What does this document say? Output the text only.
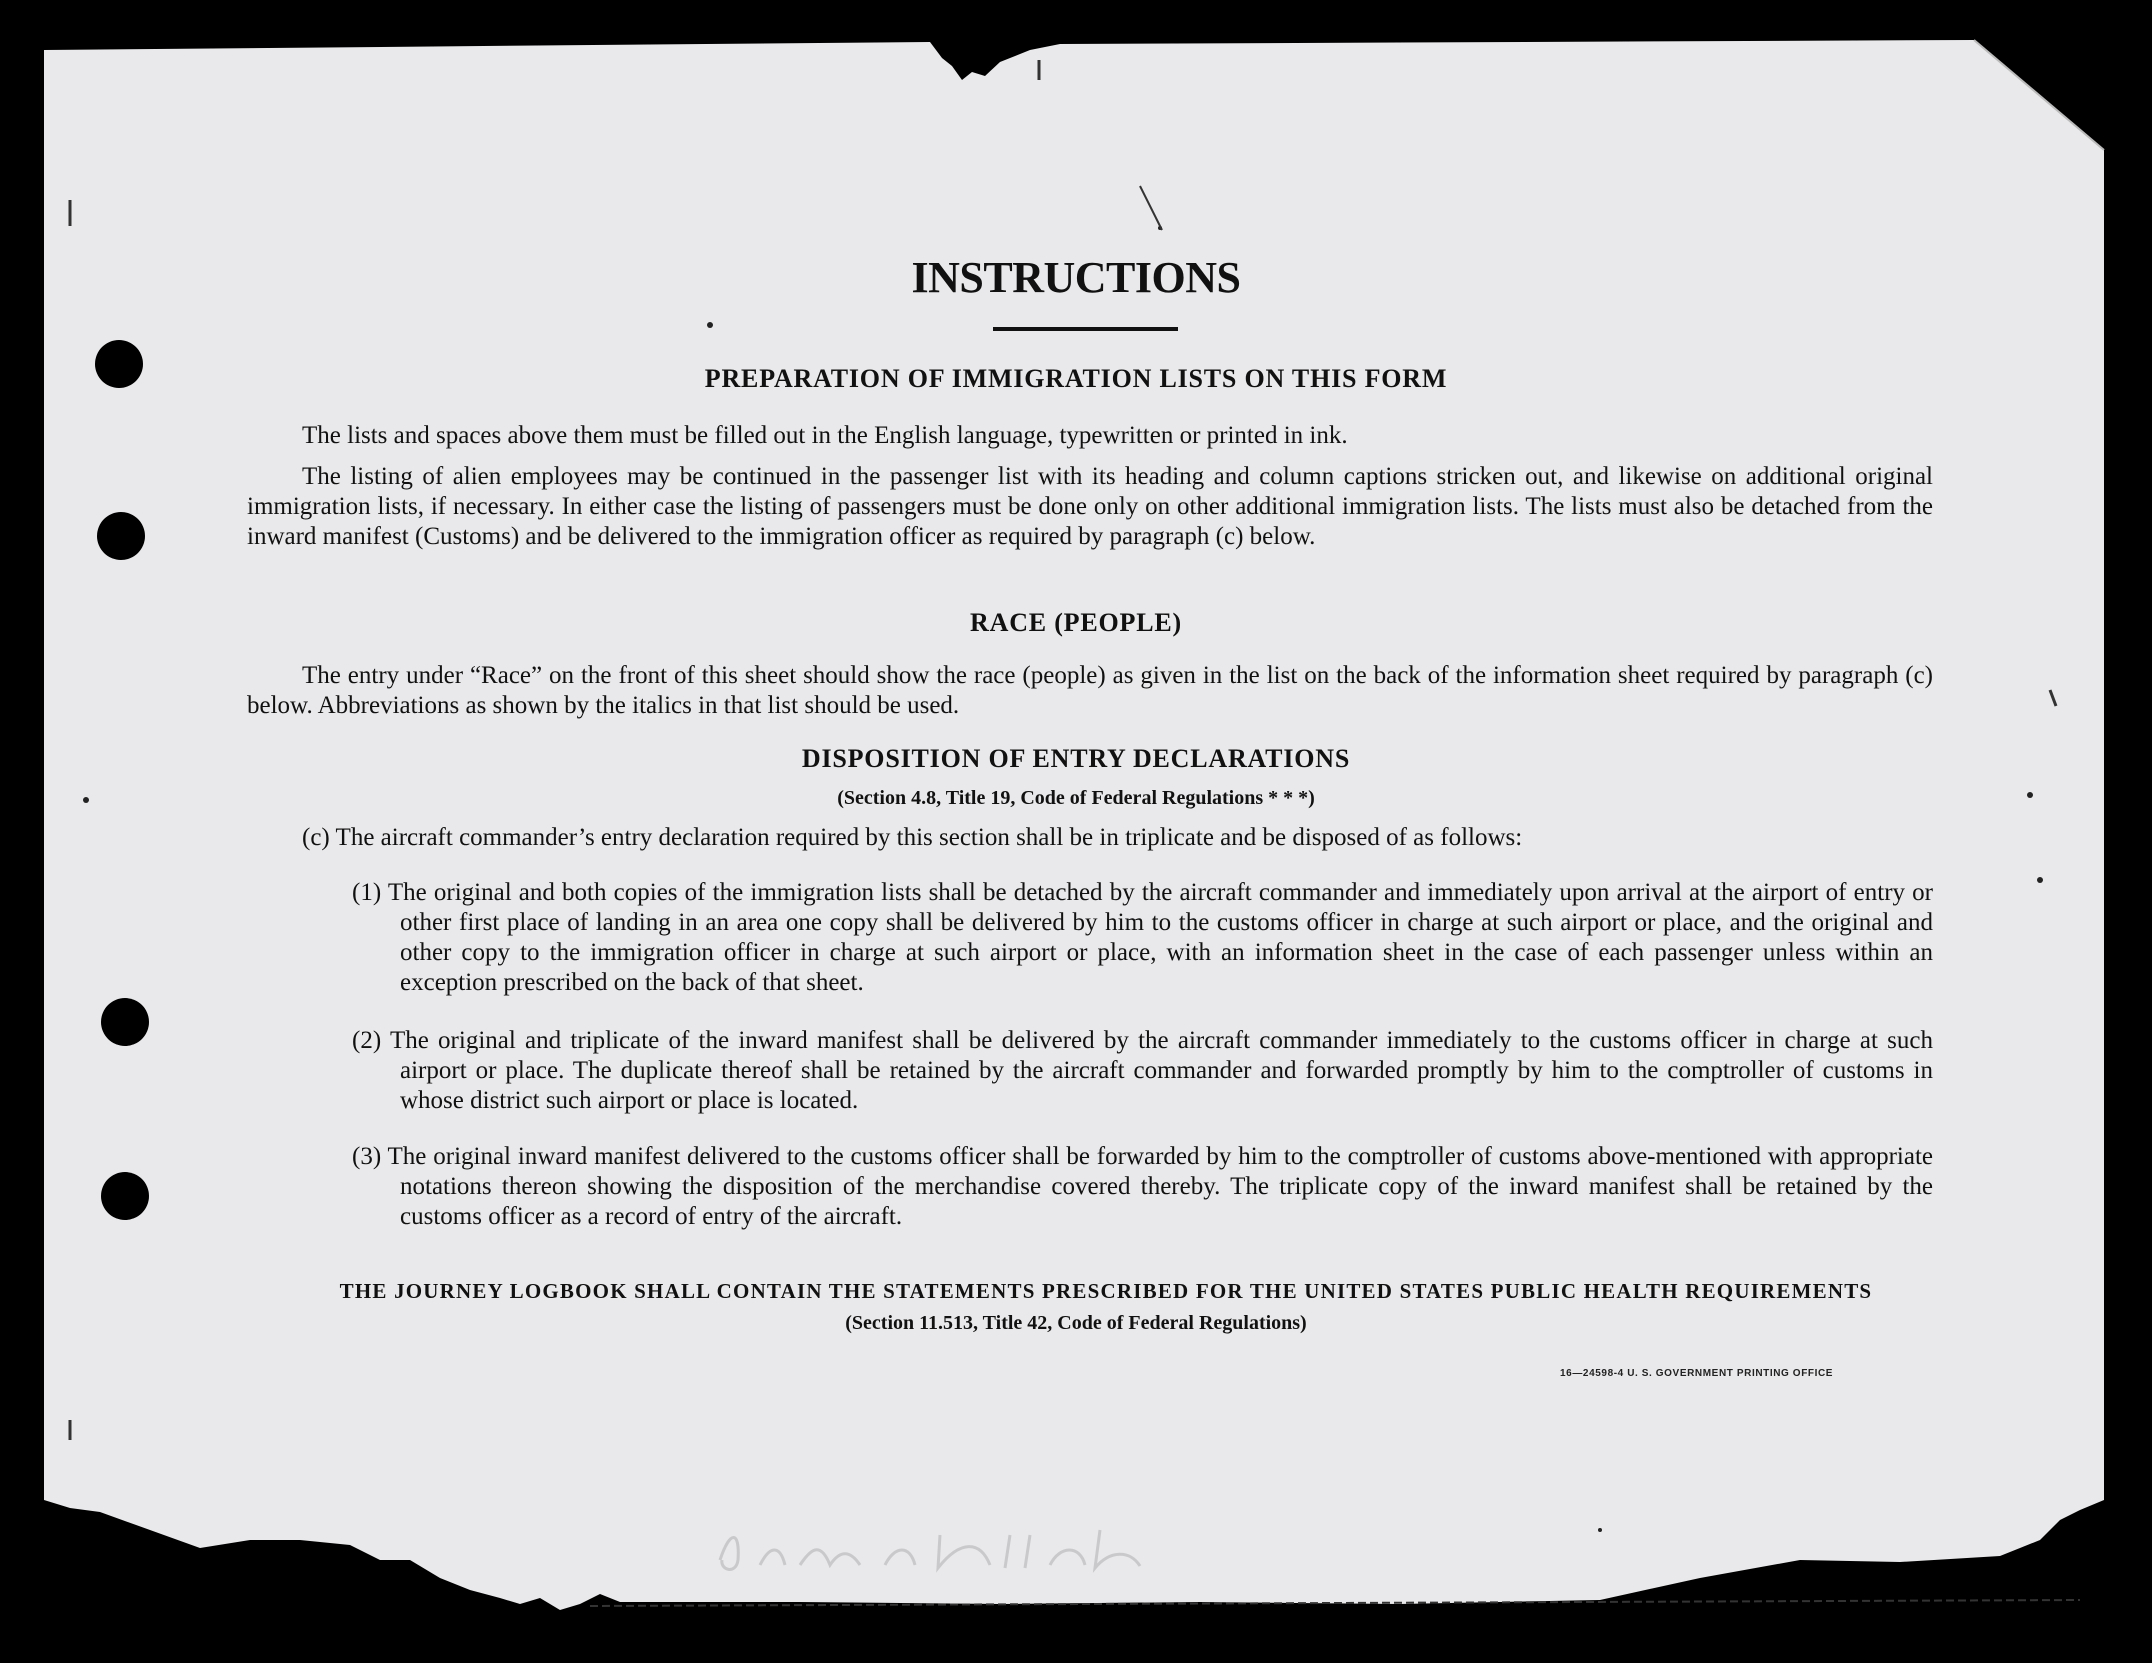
INSTRUCTIONS
PREPARATION OF IMMIGRATION LISTS ON THIS FORM
The lists and spaces above them must be filled out in the English language, typewritten or printed in ink.
The listing of alien employees may be continued in the passenger list with its heading and column captions stricken out, and likewise on additional original immigration lists, if necessary. In either case the listing of passengers must be done only on other additional immigration lists. The lists must also be detached from the inward manifest (Customs) and be delivered to the immigration officer as required by paragraph (c) below.
RACE (PEOPLE)
The entry under “Race” on the front of this sheet should show the race (people) as given in the list on the back of the information sheet required by paragraph (c) below. Abbreviations as shown by the italics in that list should be used.
DISPOSITION OF ENTRY DECLARATIONS
(Section 4.8, Title 19, Code of Federal Regulations * * *)
(c) The aircraft commander’s entry declaration required by this section shall be in triplicate and be disposed of as follows:
(1) The original and both copies of the immigration lists shall be detached by the aircraft commander and immediately upon arrival at the airport of entry or other first place of landing in an area one copy shall be delivered by him to the customs officer in charge at such airport or place, and the original and other copy to the immigration officer in charge at such airport or place, with an information sheet in the case of each passenger unless within an exception prescribed on the back of that sheet.
(2) The original and triplicate of the inward manifest shall be delivered by the aircraft commander immediately to the customs officer in charge at such airport or place. The duplicate thereof shall be retained by the aircraft commander and forwarded promptly by him to the comptroller of customs in whose district such airport or place is located.
(3) The original inward manifest delivered to the customs officer shall be forwarded by him to the comptroller of customs above-mentioned with appropriate notations thereon showing the disposition of the merchandise covered thereby. The triplicate copy of the inward manifest shall be retained by the customs officer as a record of entry of the aircraft.
THE JOURNEY LOGBOOK SHALL CONTAIN THE STATEMENTS PRESCRIBED FOR THE UNITED STATES PUBLIC HEALTH REQUIREMENTS
(Section 11.513, Title 42, Code of Federal Regulations)
16—24598-4 U. S. GOVERNMENT PRINTING OFFICE
